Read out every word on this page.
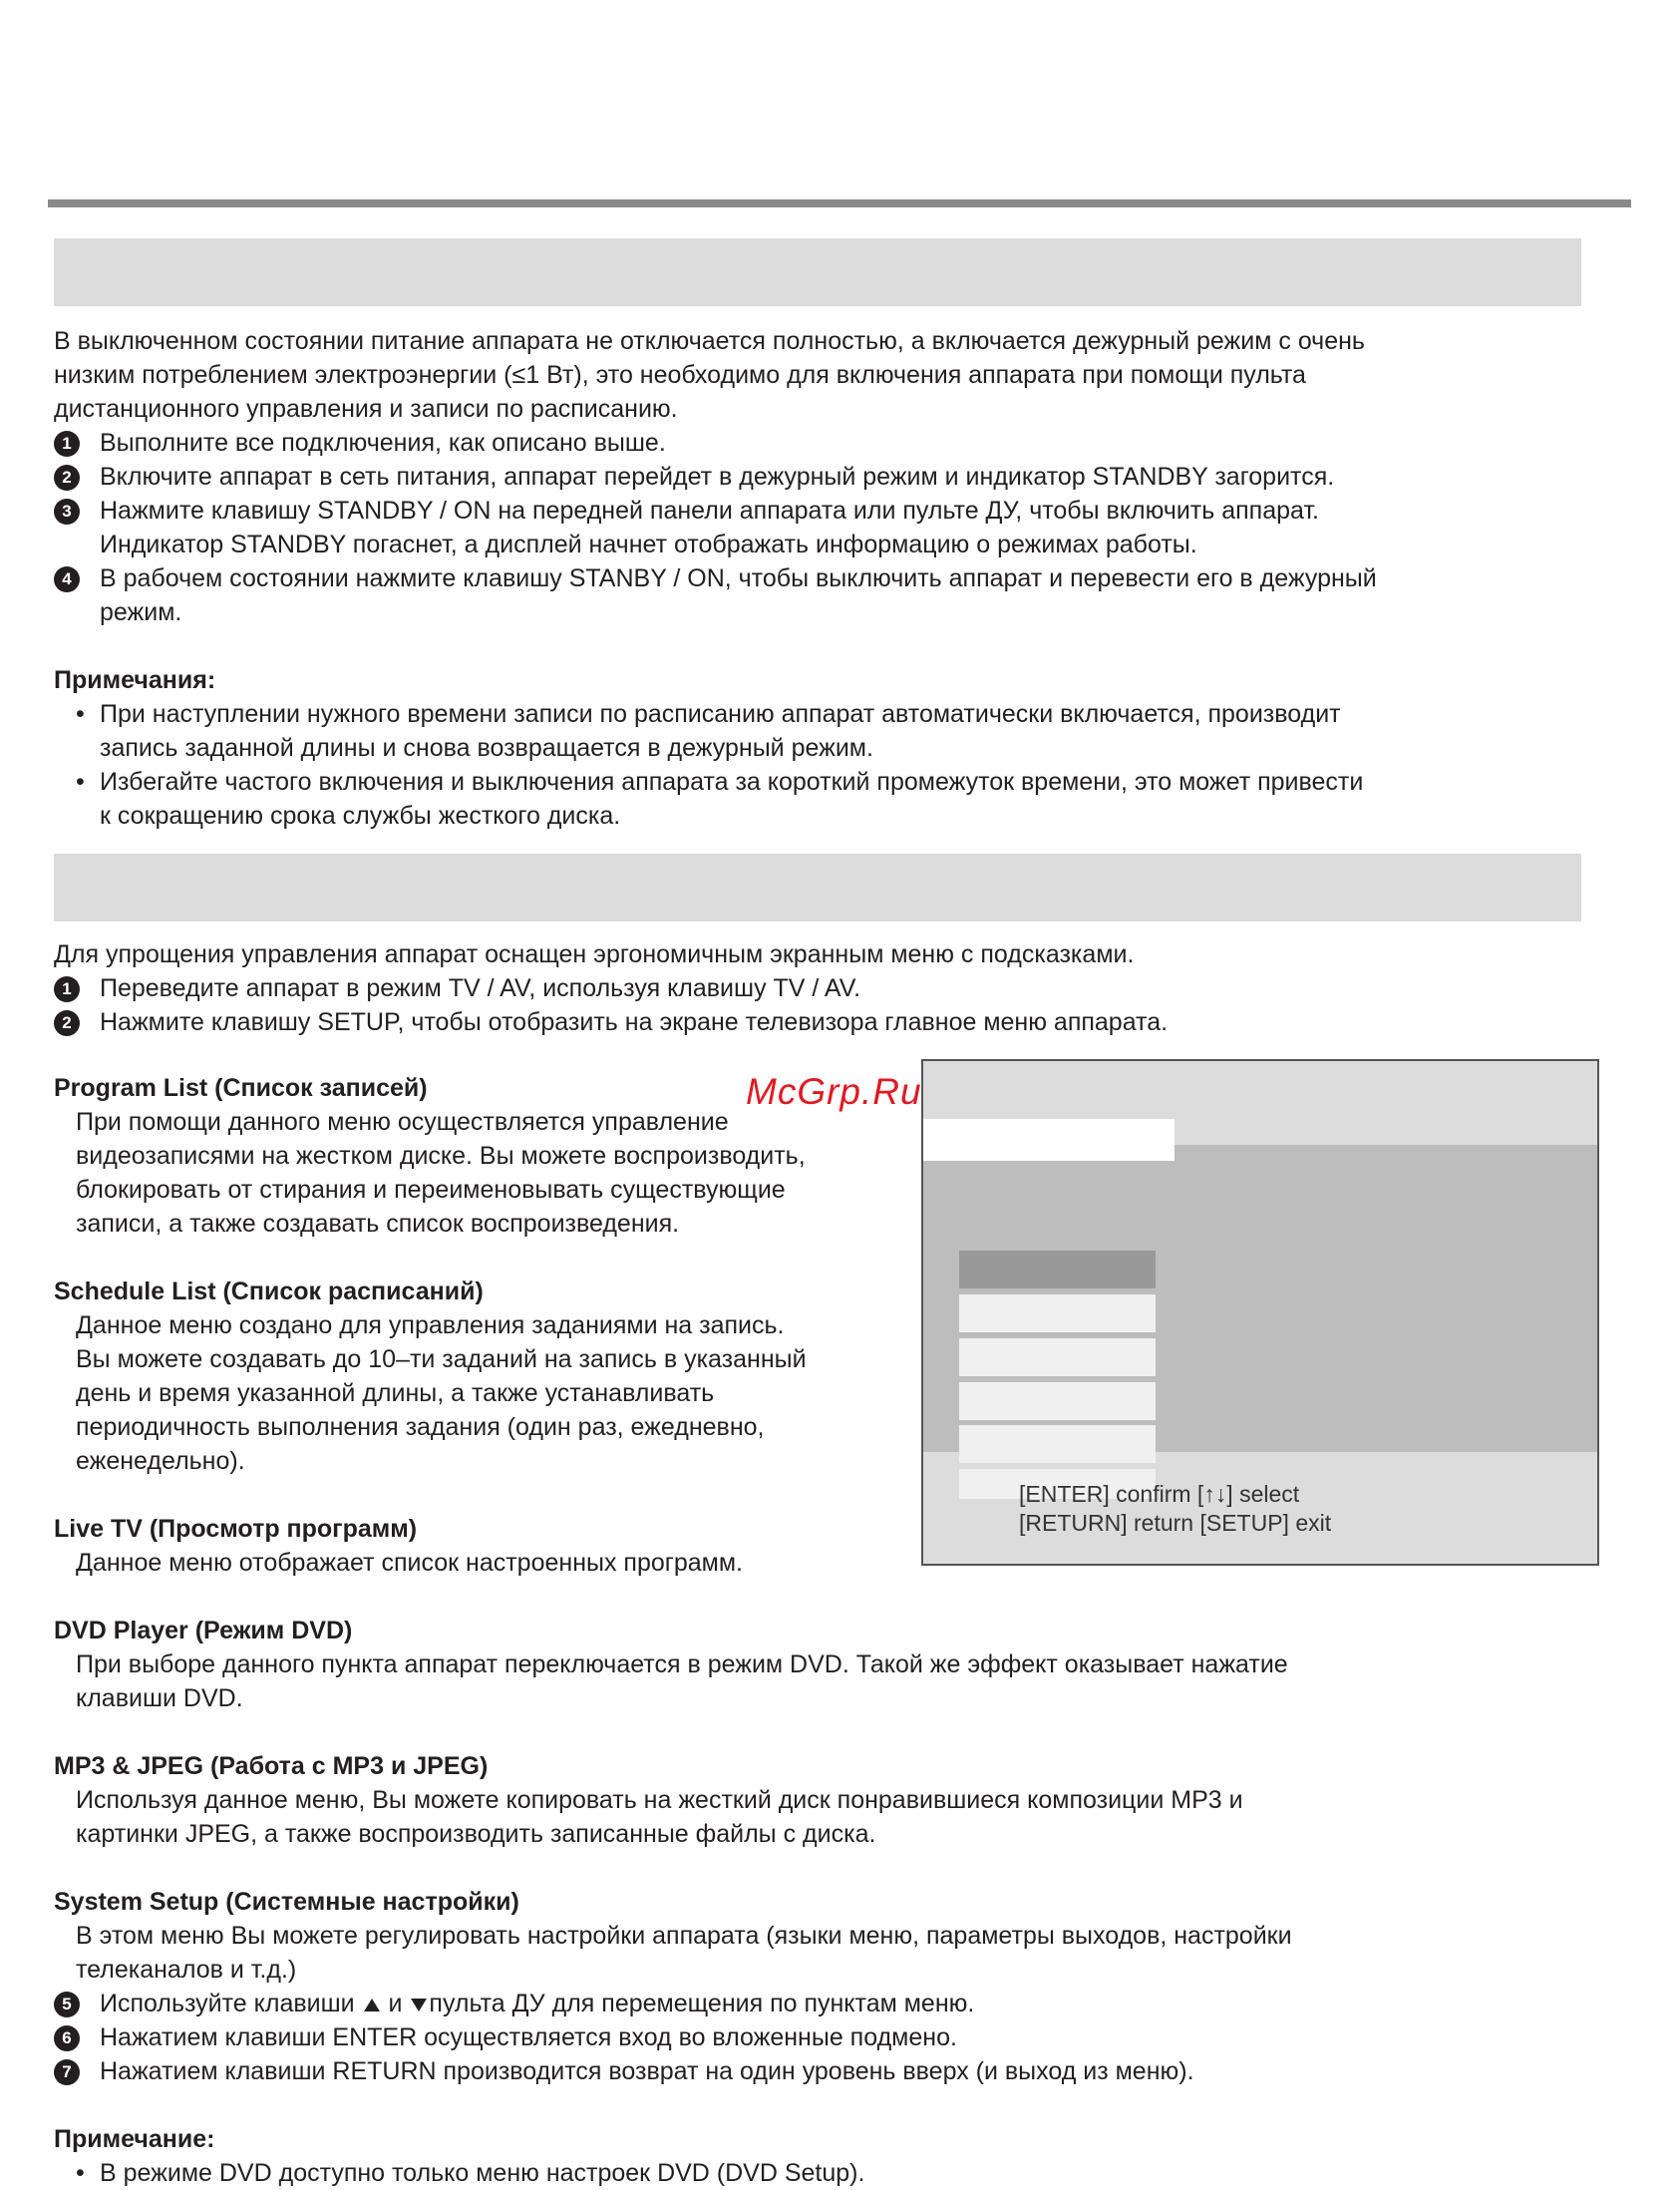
В выключенном состоянии питание аппарата не отключается полностью, а включается дежурный режим с очень

низким потреблением электроэнергии (≤1 Вт), это необходимо для включения аппарата при помощи пульта

дистанционного управления и записи по расписанию.

1	Выполните все подключения, как описано выше.

2	Включите аппарат в сеть питания, аппарат перейдет в дежурный режим и индикатор STANDBY загорится.

3	Нажмите клавишу STANDBY / ON на передней панели аппарата или пульте ДУ, чтобы включить аппарат.

Индикатор STANDBY погаснет, а дисплей начнет отображать информацию о режимах работы.

4	В рабочем состоянии нажмите клавишу STANBY / ON, чтобы выключить аппарат и перевести его в дежурный

режим.

Примечания:

• При наступлении нужного времени записи по расписанию аппарат автоматически включается, производит

запись заданной длины и снова возвращается в дежурный режим.

• Избегайте частого включения и выключения аппарата за короткий промежуток времени, это может привести

к сокращению срока службы жесткого диска.

Для упрощения управления аппарат оснащен эргономичным экранным меню с подсказками.

1	Переведите аппарат в режим TV / AV, используя клавишу TV / AV.

2	Нажмите клавишу SETUP, чтобы отобразить на экране телевизора главное меню аппарата.

Program List (Список записей)

При помощи данного меню осуществляется управление

видеозаписями на жестком диске. Вы можете воспроизводить,

блокировать от стирания и переименовывать существующие

записи, а также создавать список воспроизведения.

Schedule List (Список расписаний)

Данное меню создано для управления заданиями на запись.

Вы можете создавать до 10–ти заданий на запись в указанный

день и время указанной длины, а также устанавливать

периодичность выполнения задания (один раз, ежедневно,

еженедельно).

Live TV (Просмотр программ)

Данное меню отображает список настроенных программ.

DVD Player (Режим DVD)

При выборе данного пункта аппарат переключается в режим DVD. Такой же эффект оказывает нажатие

клавиши DVD.

MP3 & JPEG (Работа с MP3 и JPEG)

Используя данное меню, Вы можете копировать на жесткий диск понравившиеся композиции MP3 и

картинки JPEG, а также воспроизводить записанные файлы с диска.

System Setup (Системные настройки)

В этом меню Вы можете регулировать настройки аппарата (языки меню, параметры выходов, настройки

телеканалов и т.д.)

5	Используйте клавиши  и пульта ДУ для перемещения по пунктам меню.

6	Нажатием клавиши ENTER осуществляется вход во вложенные подмено.

7	Нажатием клавиши RETURN производится возврат на один уровень вверх (и выход из меню).

Примечание:

• В режиме DVD доступно только меню настроек DVD (DVD Setup).

[ENTER] confirm [↑↓] select
[RETURN] return [SETUP] exit
McGrp.Ru
